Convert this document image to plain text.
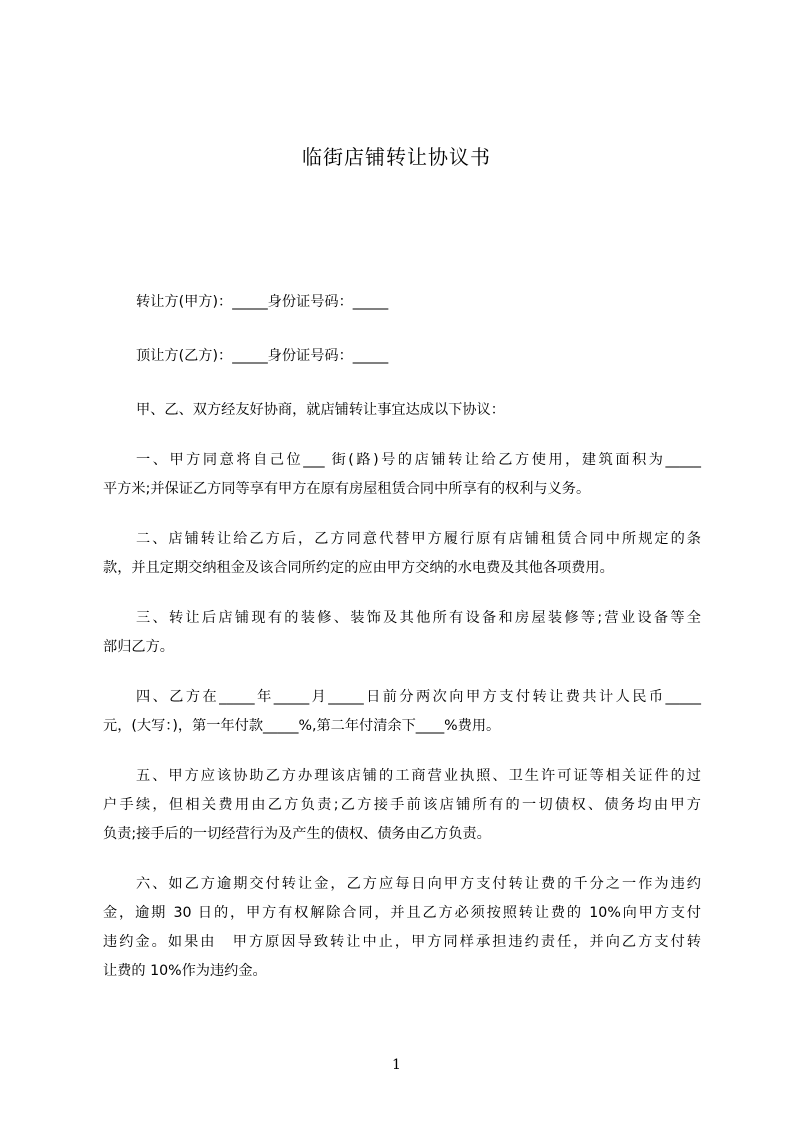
临街店铺转让协议书
转让方(甲方)：_____身份证号码：_____
顶让方(乙方)：_____身份证号码：_____
甲、乙、双方经友好协商，就店铺转让事宜达成以下协议：
一、甲方同意将自己位___ 街(路)号的店铺转让给乙方使用，建筑面积为_____
平方米;并保证乙方同等享有甲方在原有房屋租赁合同中所享有的权利与义务。
二、店铺转让给乙方后，乙方同意代替甲方履行原有店铺租赁合同中所规定的条
款，并且定期交纳租金及该合同所约定的应由甲方交纳的水电费及其他各项费用。
三、转让后店铺现有的装修、装饰及其他所有设备和房屋装修等;营业设备等全
部归乙方。
四、乙方在_____年_____月_____日前分两次向甲方支付转让费共计人民币_____
元，(大写：)，第一年付款_____%,第二年付清余下____%费用。
五、甲方应该协助乙方办理该店铺的工商营业执照、卫生许可证等相关证件的过
户手续，但相关费用由乙方负责;乙方接手前该店铺所有的一切债权、债务均由甲方
负责;接手后的一切经营行为及产生的债权、债务由乙方负责。
六、如乙方逾期交付转让金，乙方应每日向甲方支付转让费的千分之一作为违约
金，逾期 30 日的，甲方有权解除合同，并且乙方必须按照转让费的 10%向甲方支付
违约金。如果由　甲方原因导致转让中止，甲方同样承担违约责任，并向乙方支付转
让费的 10%作为违约金。
1
